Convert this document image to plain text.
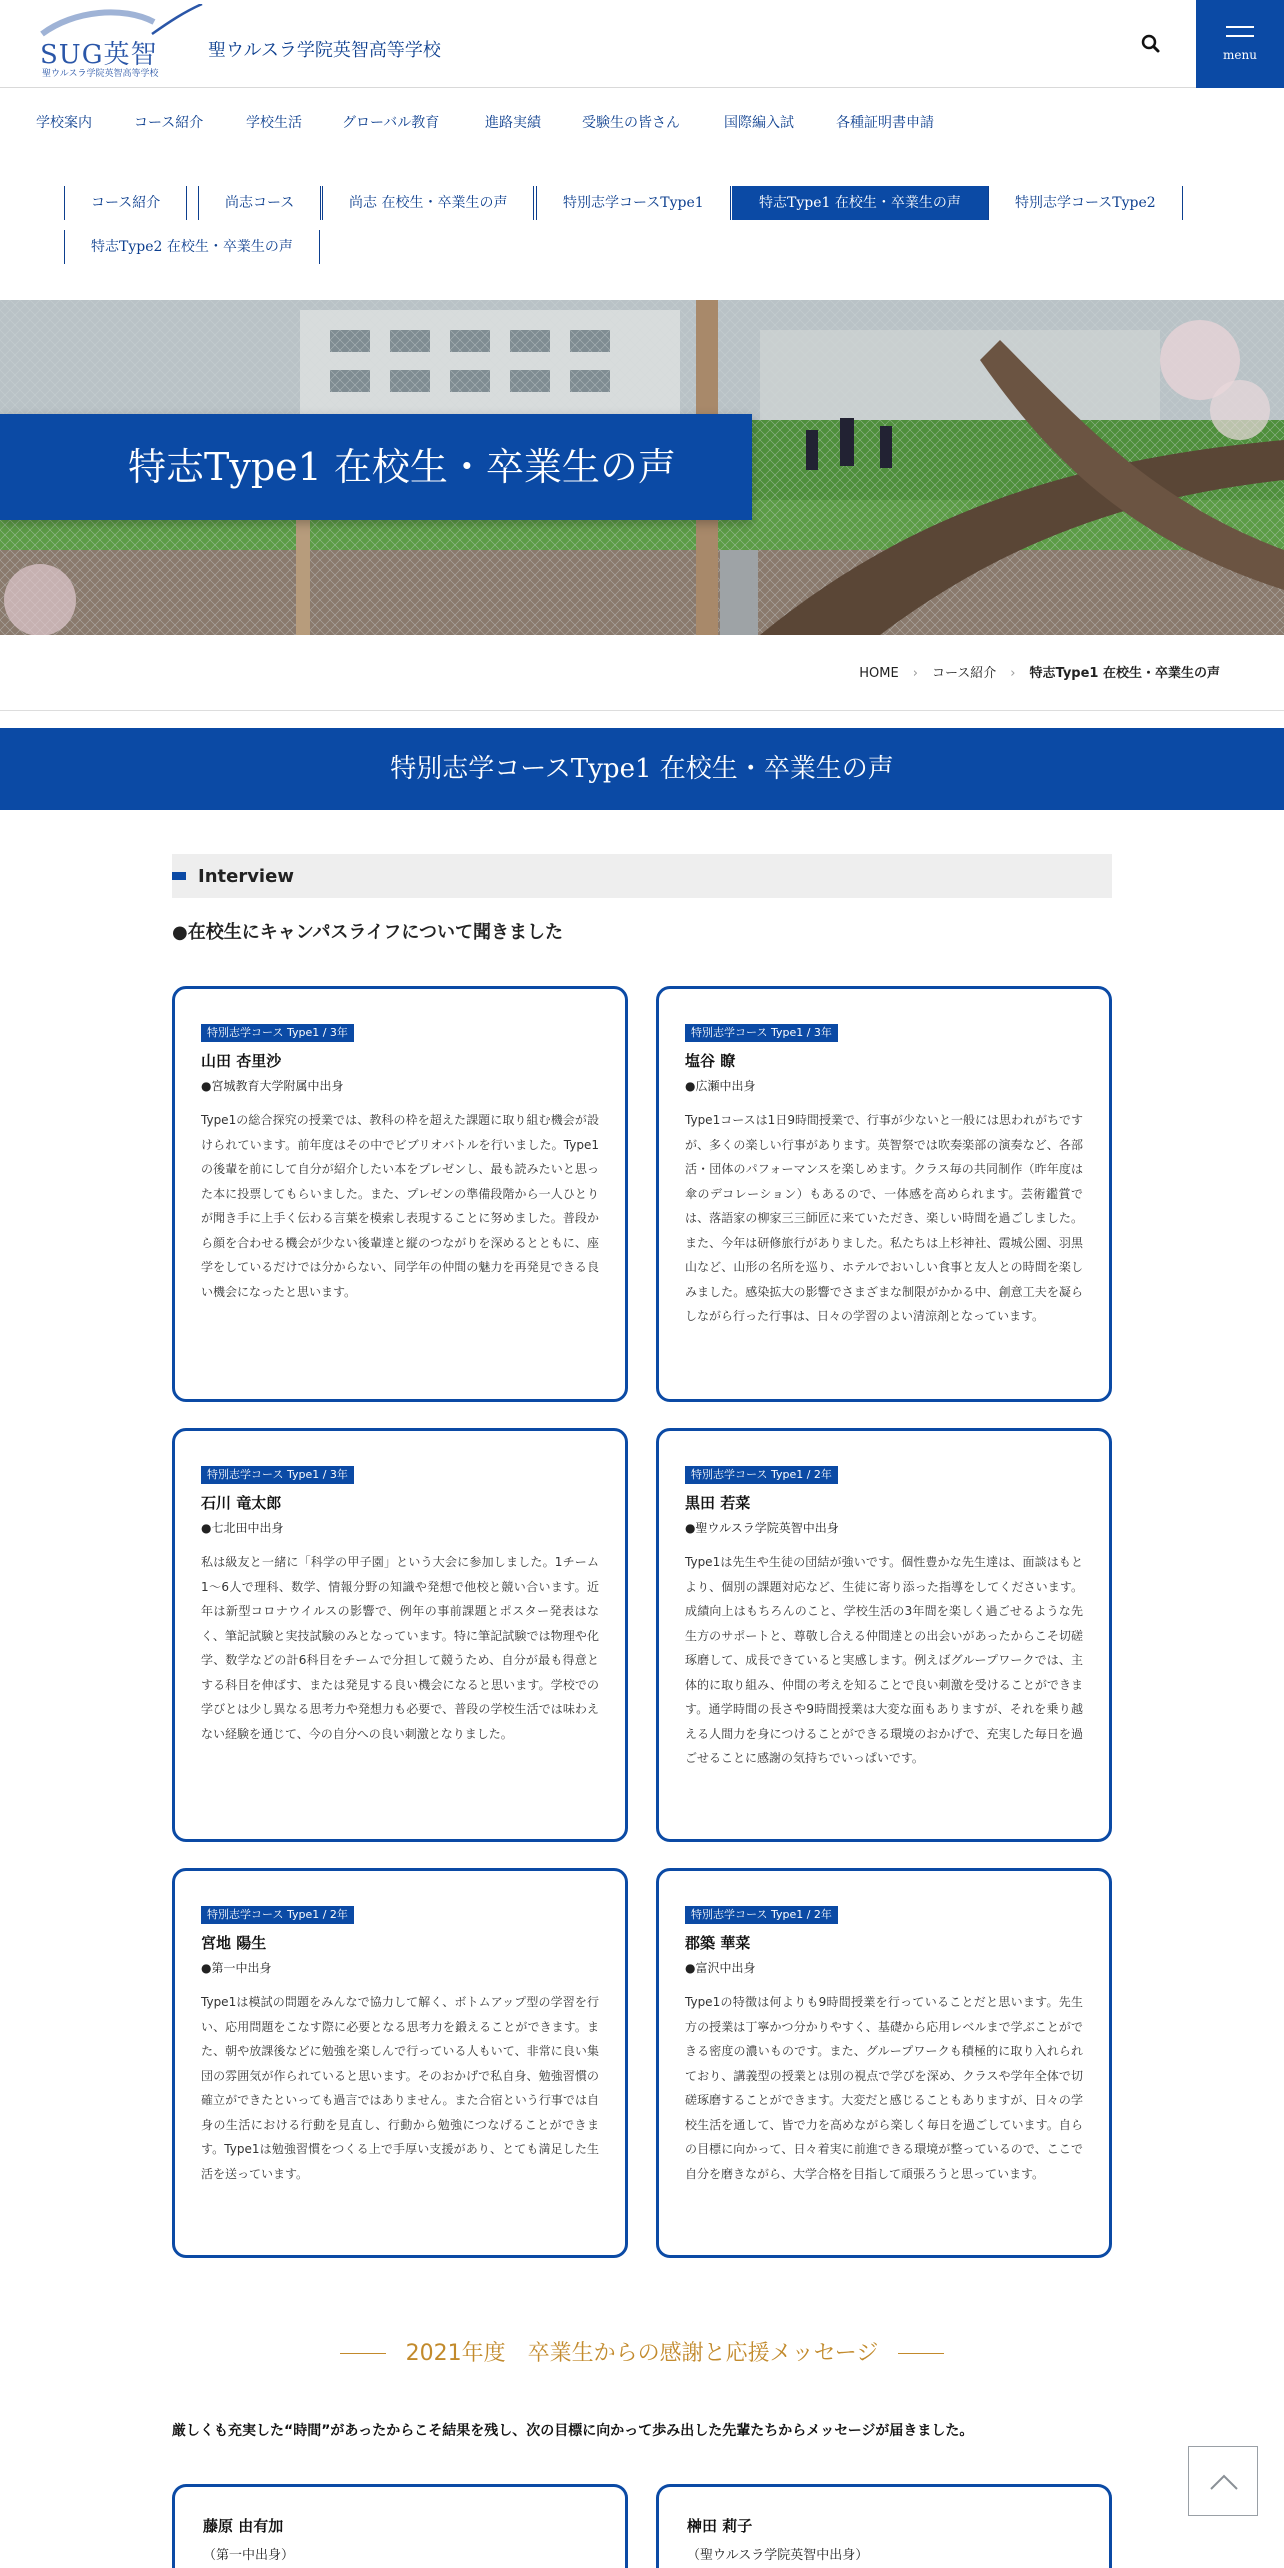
SUG英智
聖ウルスラ学院英智高等学校
聖ウルスラ学院英智高等学校	menu
学校案内	コース紹介	学校生活	グローバル教育	進路実績	受験生の皆さん	国際編入試	各種証明書申請
コース紹介	尚志コース	尚志 在校生・卒業生の声	特別志学コースType1	特志Type1 在校生・卒業生の声	特別志学コースType2
特志Type2 在校生・卒業生の声
特志Type1 在校生・卒業生の声
HOME › コース紹介 › 特志Type1 在校生・卒業生の声
特別志学コースType1 在校生・卒業生の声
Interview
●在校生にキャンパスライフについて聞きました
特別志学コース Type1 / 3年
山田 杏里沙
●宮城教育大学附属中出身
Type1の総合探究の授業では、教科の枠を超えた課題に取り組む機会が設けられています。前年度はその中でビブリオバトルを行いました。Type1の後輩を前にして自分が紹介したい本をプレゼンし、最も読みたいと思った本に投票してもらいました。また、プレゼンの準備段階から一人ひとりが聞き手に上手く伝わる言葉を模索し表現することに努めました。普段から顔を合わせる機会が少ない後輩達と縦のつながりを深めるとともに、座学をしているだけでは分からない、同学年の仲間の魅力を再発見できる良い機会になったと思います。
特別志学コース Type1 / 3年
塩谷 瞭
●広瀬中出身
Type1コースは1日9時間授業で、行事が少ないと一般には思われがちですが、多くの楽しい行事があります。英智祭では吹奏楽部の演奏など、各部活・団体のパフォーマンスを楽しめます。クラス毎の共同制作（昨年度は傘のデコレーション）もあるので、一体感を高められます。芸術鑑賞では、落語家の柳家三三師匠に来ていただき、楽しい時間を過ごしました。また、今年は研修旅行がありました。私たちは上杉神社、霞城公園、羽黒山など、山形の名所を巡り、ホテルでおいしい食事と友人との時間を楽しみました。感染拡大の影響でさまざまな制限がかかる中、創意工夫を凝らしながら行った行事は、日々の学習のよい清涼剤となっています。
特別志学コース Type1 / 3年
石川 竜太郎
●七北田中出身
私は級友と一緒に「科学の甲子園」という大会に参加しました。1チーム1〜6人で理科、数学、情報分野の知識や発想で他校と競い合います。近年は新型コロナウイルスの影響で、例年の事前課題とポスター発表はなく、筆記試験と実技試験のみとなっています。特に筆記試験では物理や化学、数学などの計6科目をチームで分担して競うため、自分が最も得意とする科目を伸ばす、または発見する良い機会になると思います。学校での学びとは少し異なる思考力や発想力も必要で、普段の学校生活では味わえない経験を通じて、今の自分への良い刺激となりました。
特別志学コース Type1 / 2年
黒田 若菜
●聖ウルスラ学院英智中出身
Type1は先生や生徒の団結が強いです。個性豊かな先生達は、面談はもとより、個別の課題対応など、生徒に寄り添った指導をしてくださいます。成績向上はもちろんのこと、学校生活の3年間を楽しく過ごせるような先生方のサポートと、尊敬し合える仲間達との出会いがあったからこそ切磋琢磨して、成長できていると実感します。例えばグループワークでは、主体的に取り組み、仲間の考えを知ることで良い刺激を受けることができます。通学時間の長さや9時間授業は大変な面もありますが、それを乗り越える人間力を身につけることができる環境のおかげで、充実した毎日を過ごせることに感謝の気持ちでいっぱいです。
特別志学コース Type1 / 2年
宮地 陽生
●第一中出身
Type1は模試の問題をみんなで協力して解く、ボトムアップ型の学習を行い、応用問題をこなす際に必要となる思考力を鍛えることができます。また、朝や放課後などに勉強を楽しんで行っている人もいて、非常に良い集団の雰囲気が作られていると思います。そのおかげで私自身、勉強習慣の確立ができたといっても過言ではありません。また合宿という行事では自身の生活における行動を見直し、行動から勉強につなげることができます。Type1は勉強習慣をつくる上で手厚い支援があり、とても満足した生活を送っています。
特別志学コース Type1 / 2年
郡築 華菜
●富沢中出身
Type1の特徴は何よりも9時間授業を行っていることだと思います。先生方の授業は丁寧かつ分かりやすく、基礎から応用レベルまで学ぶことができる密度の濃いものです。また、グループワークも積極的に取り入れられており、講義型の授業とは別の視点で学びを深め、クラスや学年全体で切磋琢磨することができます。大変だと感じることもありますが、日々の学校生活を通して、皆で力を高めながら楽しく毎日を過ごしています。自らの目標に向かって、日々着実に前進できる環境が整っているので、ここで自分を磨きながら、大学合格を目指して頑張ろうと思っています。
2021年度　卒業生からの感謝と応援メッセージ
厳しくも充実した“時間”があったからこそ結果を残し、次の目標に向かって歩み出した先輩たちからメッセージが届きました。
藤原 由有加
（第一中出身）
榊田 莉子
（聖ウルスラ学院英智中出身）
